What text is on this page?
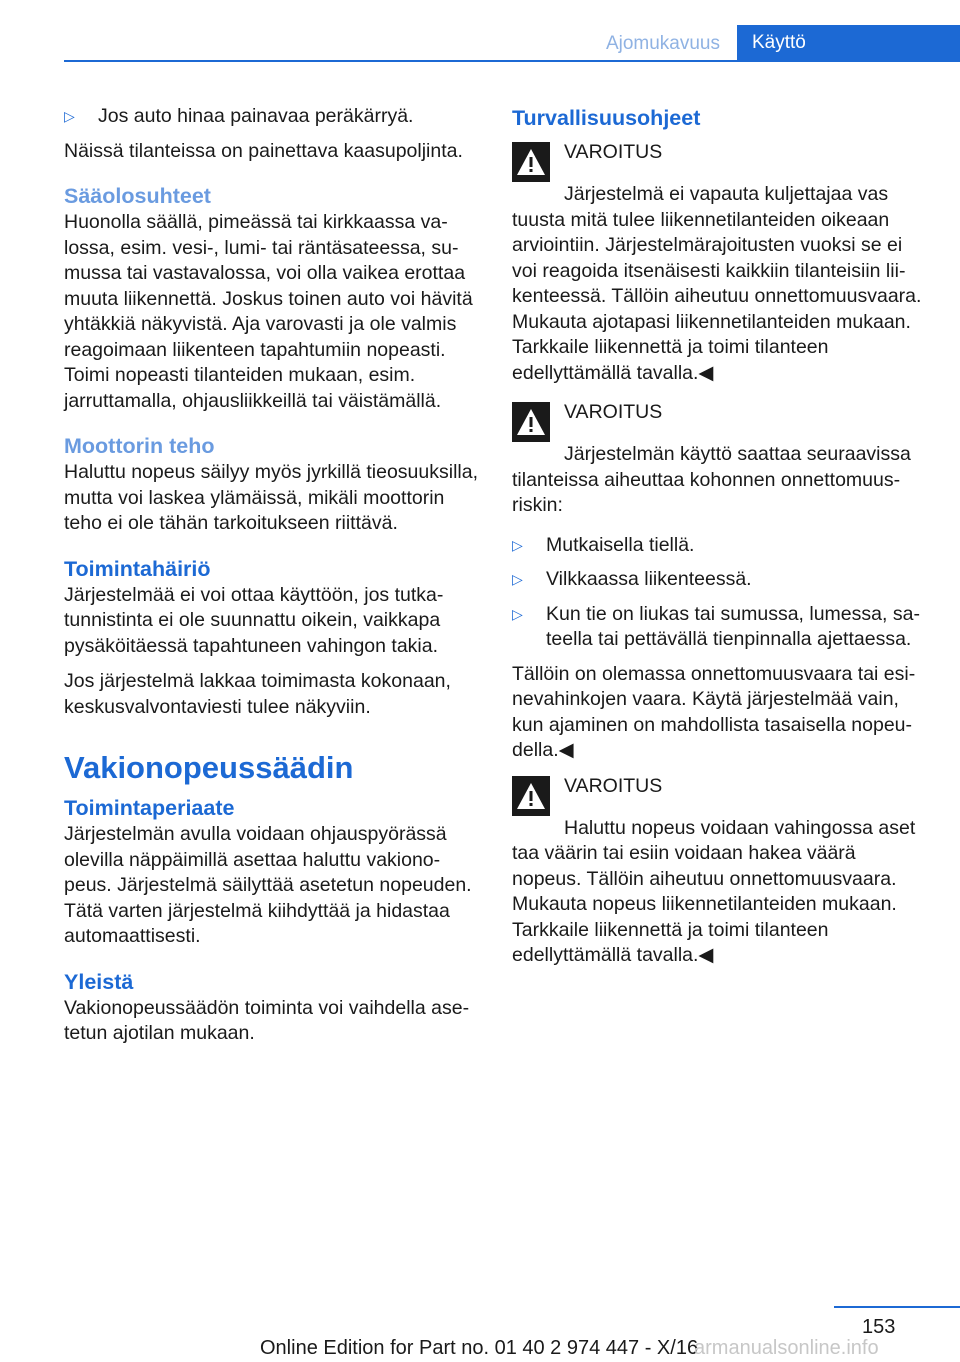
Ajomukavuus	Käyttö
▷	Jos auto hinaa painavaa peräkärryä.

Näissä tilanteissa on painettava kaasupoljinta.

Sääolosuhteet

Huonolla säällä, pimeässä tai kirkkaassa valossa, esim. vesi-, lumi- tai räntäsateessa, sumussa tai vastavalossa, voi olla vaikea erottaa muuta liikennettä. Joskus toinen auto voi hävitä yhtäkkiä näkyvistä. Aja varovasti ja ole valmis reagoimaan liikenteen tapahtumiin nopeasti. Toimi nopeasti tilanteiden mukaan, esim. jarruttamalla, ohjausliikkeillä tai väistämällä.

Moottorin teho

Haluttu nopeus säilyy myös jyrkillä tieosuuksilla, mutta voi laskea ylämäissä, mikäli moottorin teho ei ole tähän tarkoitukseen riittävä.

Toimintahäiriö

Järjestelmää ei voi ottaa käyttöön, jos tutkatunnistinta ei ole suunnattu oikein, vaikkapa pysäköitäessä tapahtuneen vahingon takia.

Jos järjestelmä lakkaa toimimasta kokonaan, keskusvalvontaviesti tulee näkyviin.

Vakionopeussäädin
Toimintaperiaate

Järjestelmän avulla voidaan ohjauspyörässä olevilla näppäimillä asettaa haluttu vakionopeus. Järjestelmä säilyttää asetetun nopeuden. Tätä varten järjestelmä kiihdyttää ja hidastaa automaattisesti.

Yleistä

Vakionopeussäädön toiminta voi vaihdella asetetun ajotilan mukaan.

Turvallisuusohjeet
VAROITUS
Järjestelmä ei vapauta kuljettajaa vas

tuusta mitä tulee liikennetilanteiden oikeaan arviointiin. Järjestelmärajoitusten vuoksi se ei voi reagoida itsenäisesti kaikkiin tilanteisiin liikenteessä. Tällöin aiheutuu onnettomuusvaara. Mukauta ajotapasi liikennetilanteiden mukaan. Tarkkaile liikennettä ja toimi tilanteen edellyttämällä tavalla.◀

VAROITUS
Järjestelmän käyttö saattaa seuraavissa

tilanteissa aiheuttaa kohonnen onnettomuusriskin:

▷	Mutkaisella tiellä.
▷	Vilkkaassa liikenteessä.
▷	Kun tie on liukas tai sumussa, lumessa, sateella tai pettävällä tienpinnalla ajettaessa.

Tällöin on olemassa onnettomuusvaara tai esinevahinkojen vaara. Käytä järjestelmää vain, kun ajaminen on mahdollista tasaisella nopeudella.◀

VAROITUS
Haluttu nopeus voidaan vahingossa aset

taa väärin tai esiin voidaan hakea väärä nopeus. Tällöin aiheutuu onnettomuusvaara. Mukauta nopeus liikennetilanteiden mukaan. Tarkkaile liikennettä ja toimi tilanteen edellyttämällä tavalla.◀

153
Online Edition for Part no. 01 40 2 974 447 - X/16
armanualsonline.info
